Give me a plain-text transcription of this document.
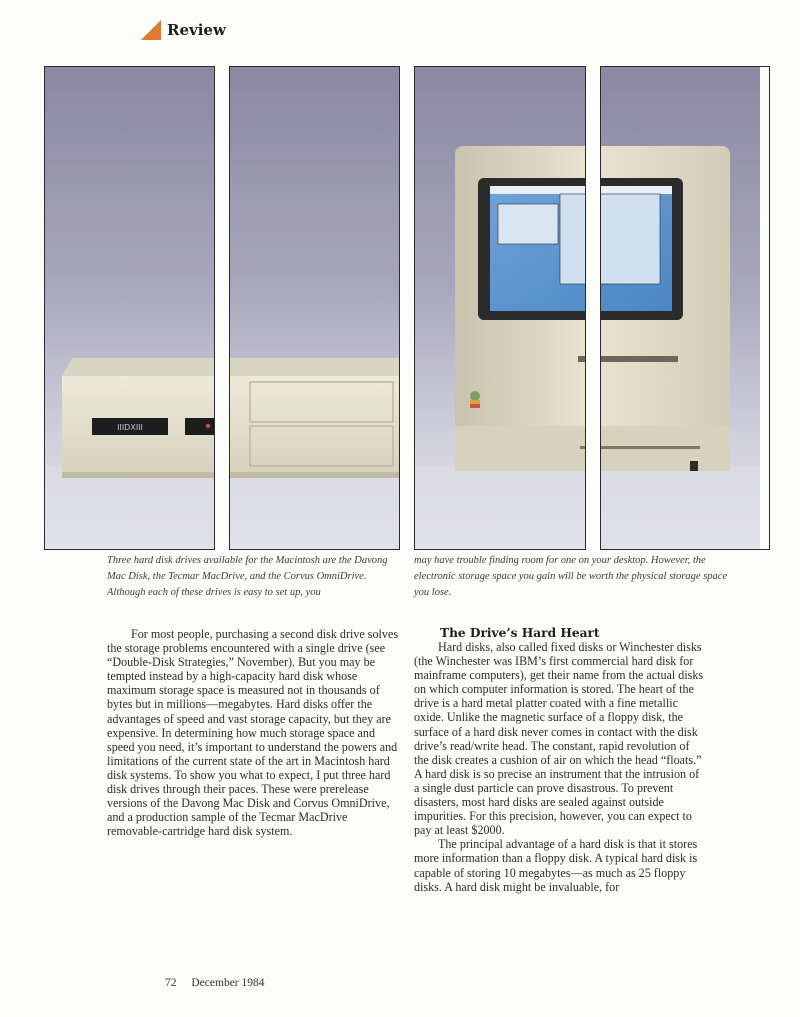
Review
Three hard disk drives available for the Macintosh are the Davong Mac Disk, the Tecmar MacDrive, and the Corvus OmniDrive. Although each of these drives is easy to set up, you
may have trouble finding room for one on your desktop. However, the electronic storage space you gain will be worth the physical storage space you lose.

For most people, purchasing a second disk drive solves the storage problems encountered with a single drive (see “Double-Disk Strategies,” November). But you may be tempted instead by a high-capacity hard disk whose maximum storage space is measured not in thousands of bytes but in millions—megabytes. Hard disks offer the advantages of speed and vast storage capacity, but they are expensive. In determining how much storage space and speed you need, it’s important to understand the powers and limitations of the current state of the art in Macintosh hard disk systems. To show you what to expect, I put three hard disk drives through their paces. These were prerelease versions of the Davong Mac Disk and Corvus OmniDrive, and a production sample of the Tecmar MacDrive removable-cartridge hard disk system.

The Drive’s Hard Heart

Hard disks, also called fixed disks or Winchester disks (the Winchester was IBM’s first commercial hard disk for mainframe computers), get their name from the actual disks on which computer information is stored. The heart of the drive is a hard metal platter coated with a fine metallic oxide. Unlike the magnetic surface of a floppy disk, the surface of a hard disk never comes in contact with the disk drive’s read/write head. The constant, rapid revolution of the disk creates a cushion of air on which the head “floats.” A hard disk is so precise an instrument that the intrusion of a single dust particle can prove disastrous. To prevent disasters, most hard disks are sealed against outside impurities. For this precision, however, you can expect to pay at least $2000.

The principal advantage of a hard disk is that it stores more information than a floppy disk. A typical hard disk is capable of storing 10 megabytes—as much as 25 floppy disks. A hard disk might be invaluable, for

72 December 1984
